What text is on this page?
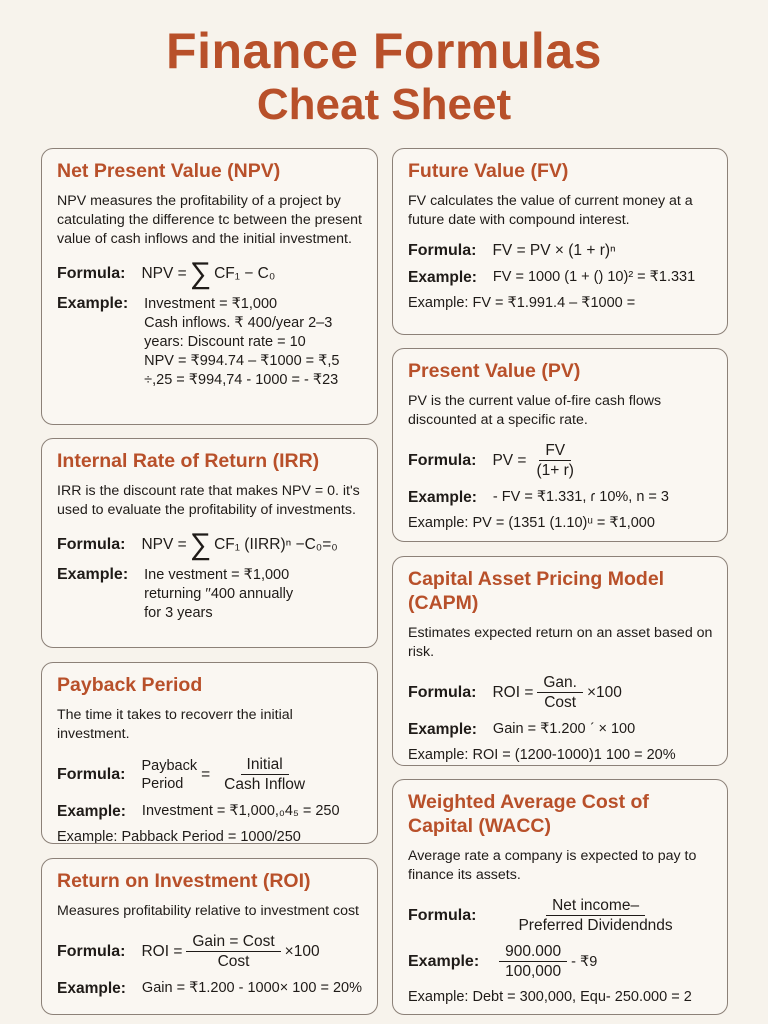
Finance Formulas
Cheat Sheet
Net Present Value (NPV)

NPV measures the profitability of a project by catculating the difference tc between the present value of cash inflows and the initial investment.

Formula: NPV = ∑ CF₁ − C₀
Example: Investment = ₹1,000
Cash inflows. ₹ 400/year 2–3
years: Discount rate = 10
NPV = ₹994.74 – ₹1000 = ₹,5
÷,25 = ₹994,74 - 1000 = - ₹23
Internal Rate of Return (IRR)

IRR is the discount rate that makes NPV = 0. it's used to evaluate the profitability of investments.

Formula: NPV = ∑ CF₁ (IIRR)ⁿ −C₀=₀
Example: Ine vestment = ₹1,000
returning ′′400 annually
for 3 years
Payback Period

The time it takes to recoverr the initial investment.

Formula: Payback
Period
= $\frac{\text{Initial}}{\text{Cash Inflow}}$
Example: Investment = ₹1,000,₀4₅ = 250
Example: Pabback Period = 1000/250
Return on Investment (ROI)

Measures profitability relative to investment cost

Formula: ROI = $\frac{\text{Gain = Cost}}{\text{Cost}} \times 100$
Example: Gain = ₹1.200 - 1000× 100 = 20%
Future Value (FV)

FV calculates the value of current money at a future date with compound interest.

Formula: FV = PV × (1 + r)ⁿ
Example: FV = 1000 (1 + () 10)² = ₹1.331
Example: FV = ₹1.991.4 – ₹1000 =
Present Value (PV)

PV is the current value of-fire cash flows discounted at a specific rate.

Formula: PV = $\frac{FV}{(1+ r)}$
Example: - FV = ₹1.331, ɾ 10%, n = 3
Example: PV = (1351 (1.10)ᵘ = ₹1,000
Capital Asset Pricing Model (CAPM)

Estimates expected return on an asset based on risk.

Formula: ROI = $\frac{\text{Gan.}}{\text{Cost}} \times 100$
Example: Gain = ₹1.200 ˊ × 100
Example: ROI = (1200-1000)1 100 = 20%
Weighted Average Cost of Capital (WACC)

Average rate a company is expected to pay to finance its assets.

Formula: $\frac{\text{Net income–}}{\text{Preferred Dividendnds}}$
Example: $\frac{900.000}{100,000}$ - ₹9
Example: Debt = 300,000, Equ- 250.000 = 2
